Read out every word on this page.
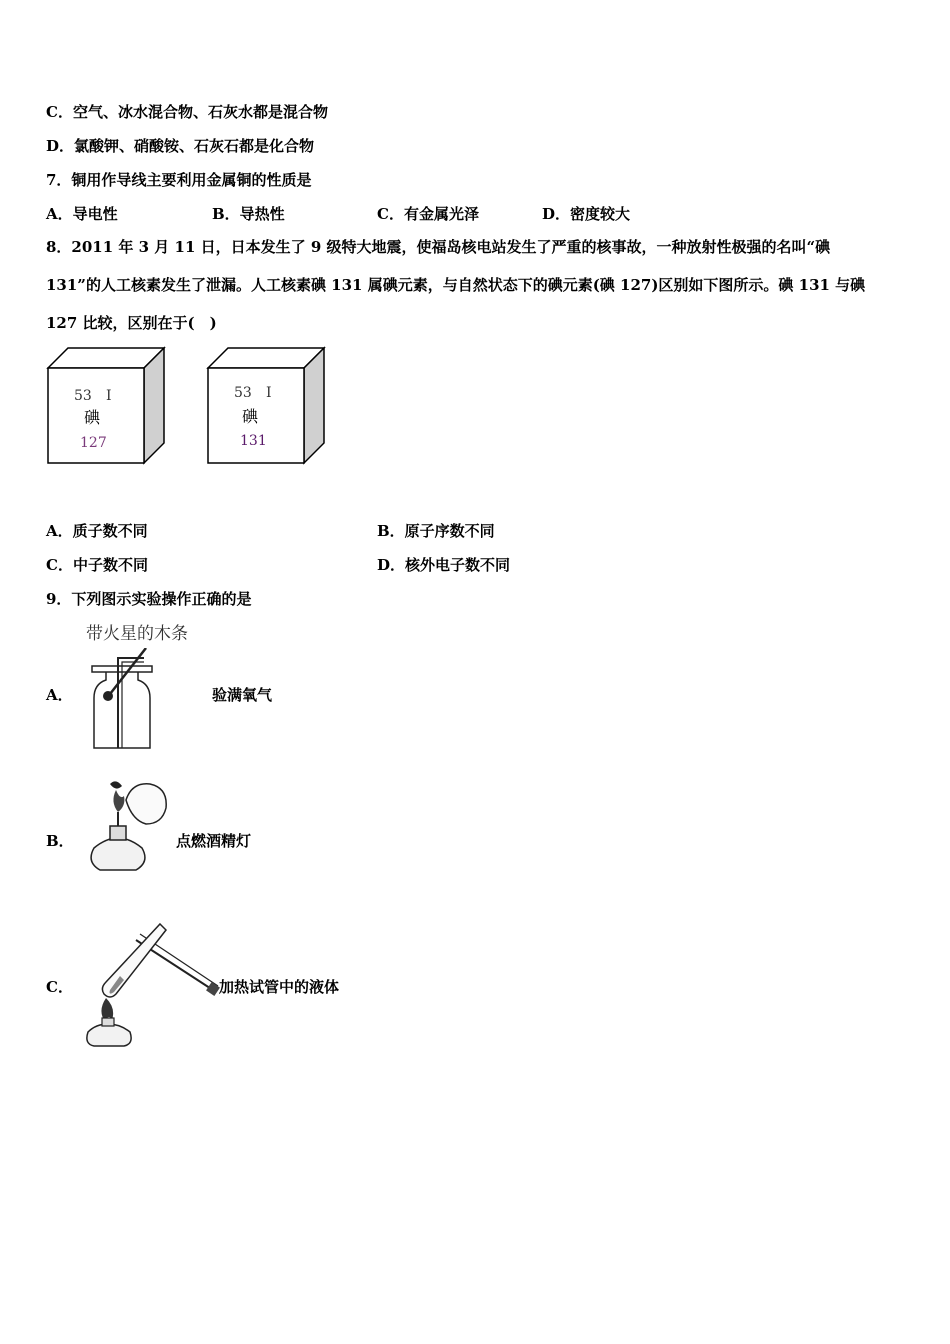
C．空气、冰水混合物、石灰水都是混合物
D．氯酸钾、硝酸铵、石灰石都是化合物
7．铜用作导线主要利用金属铜的性质是
A．导电性	B．导热性	C．有金属光泽	D．密度较大
8．2011 年 3 月 11 日，日本发生了 9 级特大地震，使福岛核电站发生了严重的核事故，一种放射性极强的名叫“碘
131”的人工核素发生了泄漏。人工核素碘 131 属碘元素，与自然状态下的碘元素(碘 127)区别如下图所示。碘 131 与碘
127 比较，区别在于(　)
53 I
碘
127
53 I
碘
131
A．质子数不同	B．原子序数不同
C．中子数不同	D．核外电子数不同
9．下列图示实验操作正确的是
A．
带火星的木条
验满氧气
B．	点燃酒精灯
C．	加热试管中的液体
